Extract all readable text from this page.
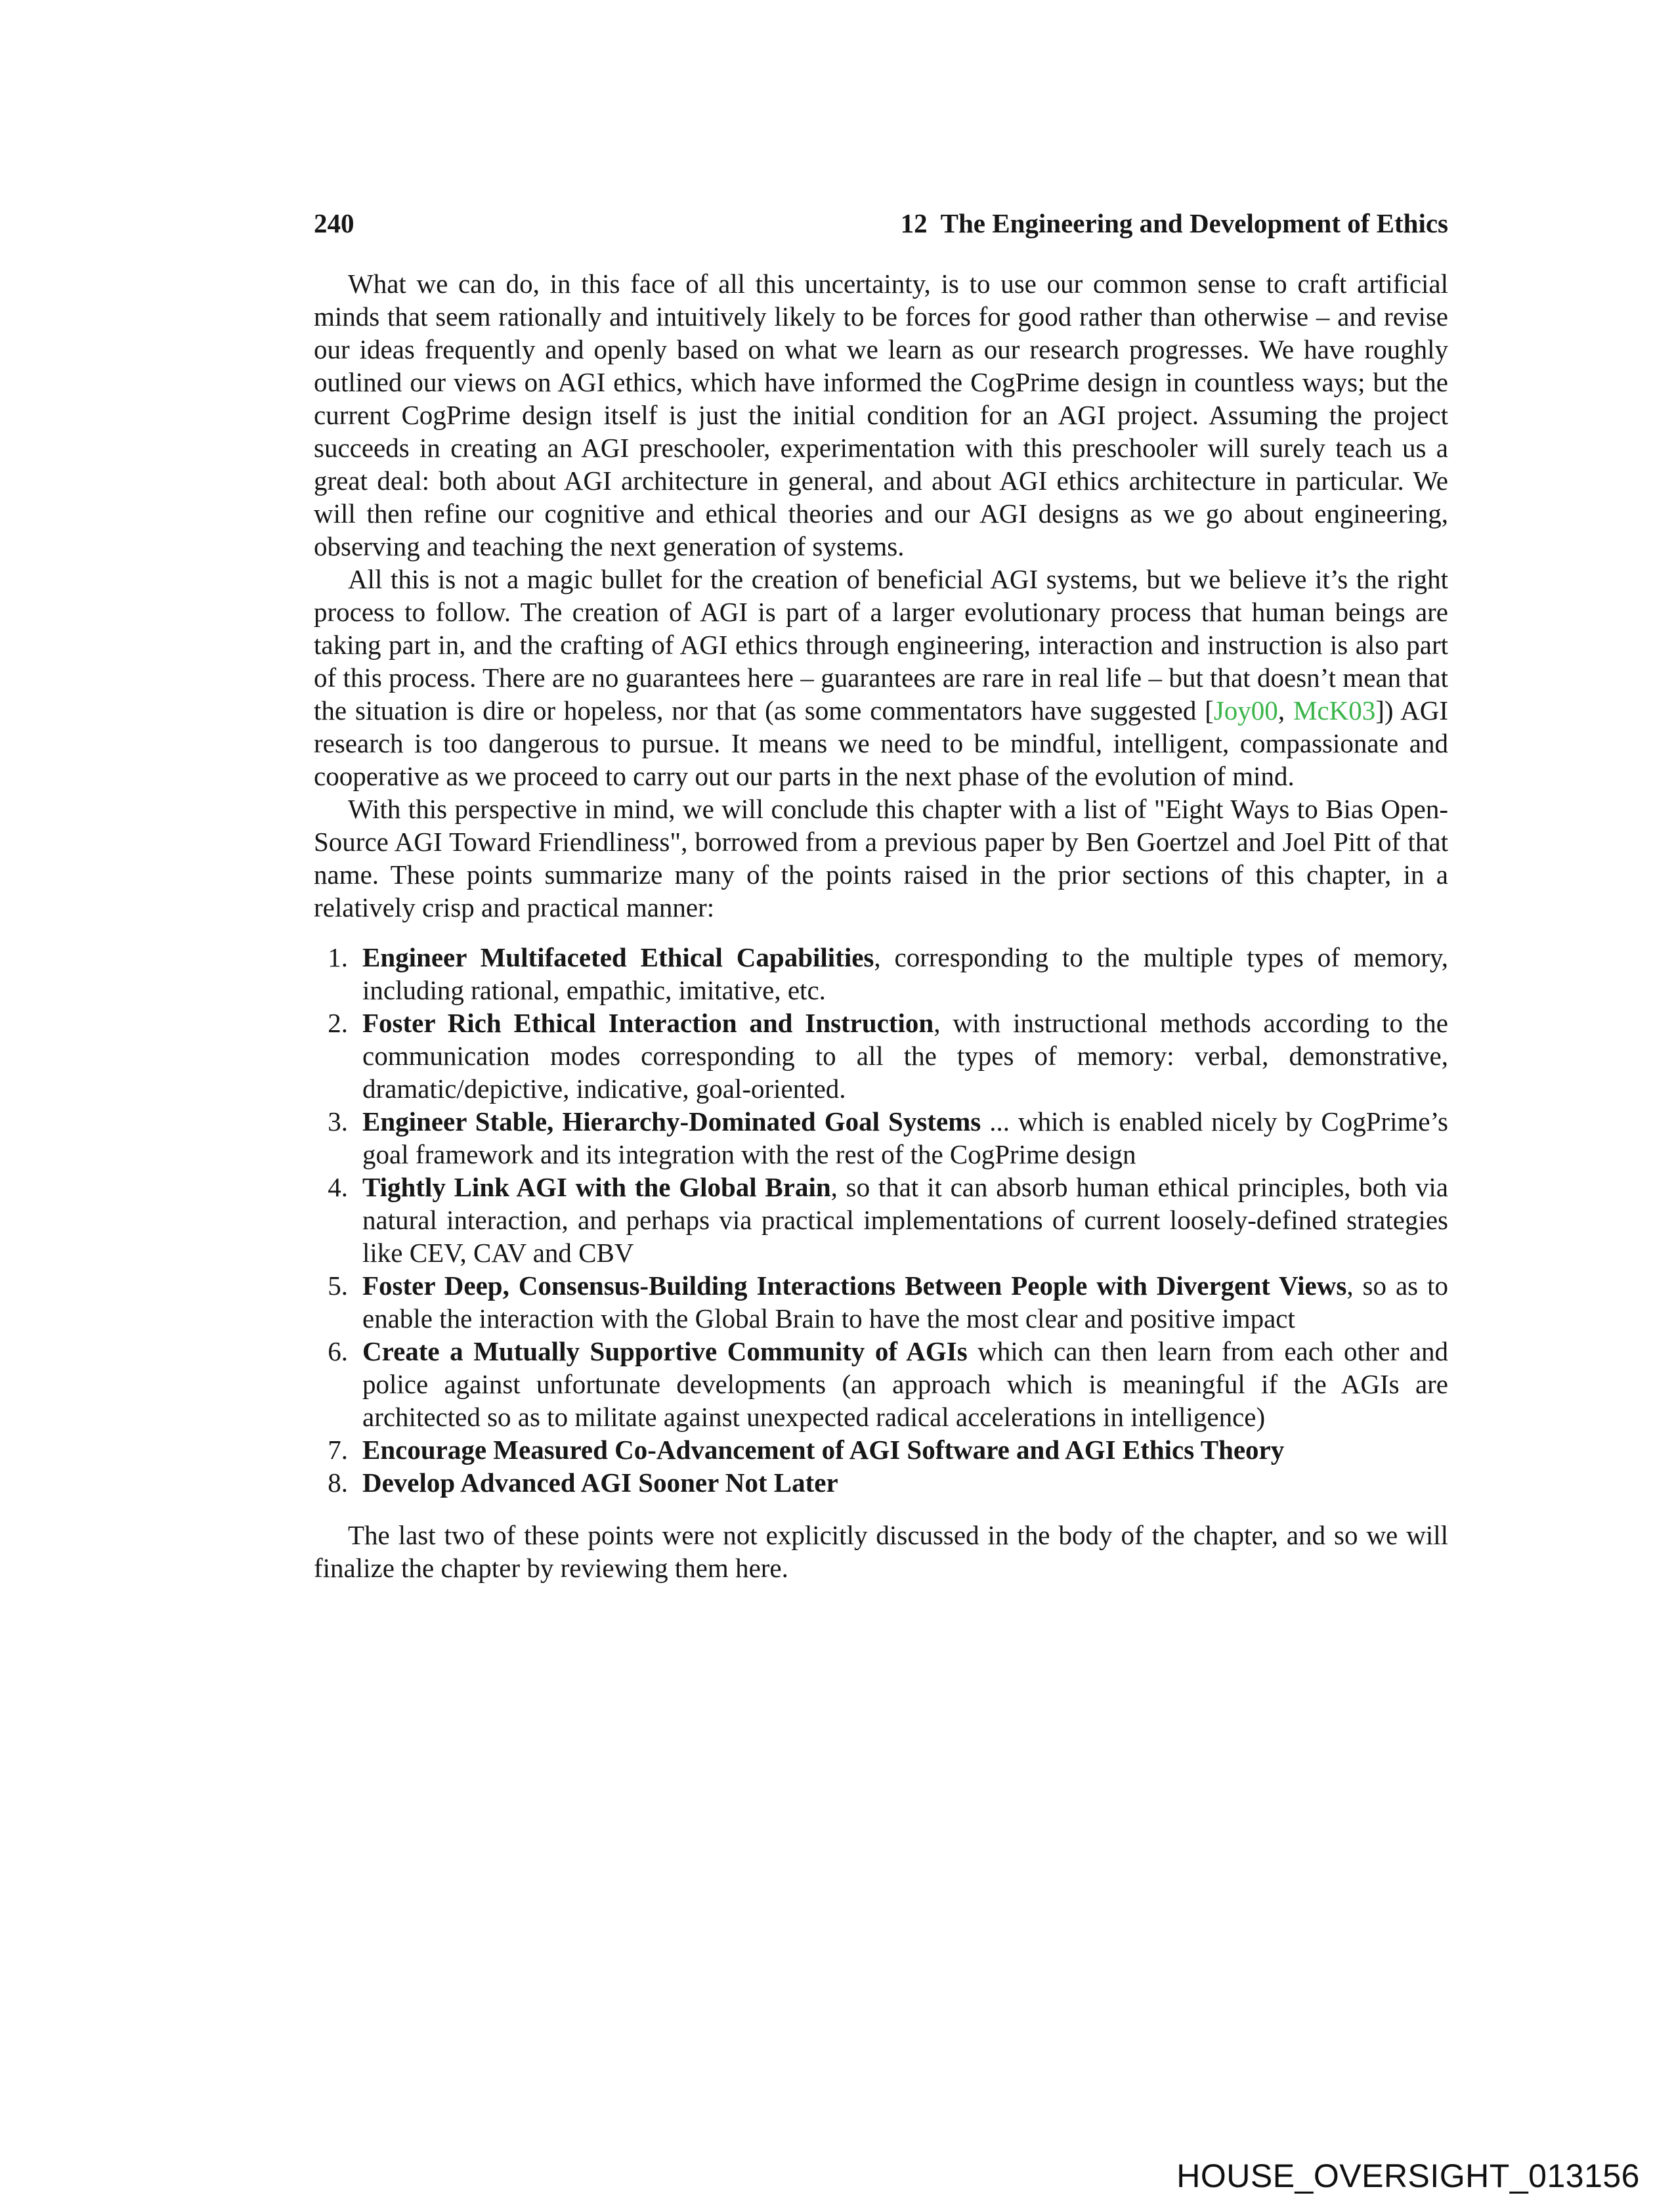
240	12 The Engineering and Development of Ethics

What we can do, in this face of all this uncertainty, is to use our common sense to craft artificial minds that seem rationally and intuitively likely to be forces for good rather than otherwise – and revise our ideas frequently and openly based on what we learn as our research progresses. We have roughly outlined our views on AGI ethics, which have informed the CogPrime design in countless ways; but the current CogPrime design itself is just the initial condition for an AGI project. Assuming the project succeeds in creating an AGI preschooler, experimentation with this preschooler will surely teach us a great deal: both about AGI architecture in general, and about AGI ethics architecture in particular. We will then refine our cognitive and ethical theories and our AGI designs as we go about engineering, observing and teaching the next generation of systems.

All this is not a magic bullet for the creation of beneficial AGI systems, but we believe it’s the right process to follow. The creation of AGI is part of a larger evolutionary process that human beings are taking part in, and the crafting of AGI ethics through engineering, interaction and instruction is also part of this process. There are no guarantees here – guarantees are rare in real life – but that doesn’t mean that the situation is dire or hopeless, nor that (as some commentators have suggested [Joy00, McK03]) AGI research is too dangerous to pursue. It means we need to be mindful, intelligent, compassionate and cooperative as we proceed to carry out our parts in the next phase of the evolution of mind.

With this perspective in mind, we will conclude this chapter with a list of "Eight Ways to Bias Open-Source AGI Toward Friendliness", borrowed from a previous paper by Ben Goertzel and Joel Pitt of that name. These points summarize many of the points raised in the prior sections of this chapter, in a relatively crisp and practical manner:

1. Engineer Multifaceted Ethical Capabilities, corresponding to the multiple types of memory, including rational, empathic, imitative, etc.
2. Foster Rich Ethical Interaction and Instruction, with instructional methods according to the communication modes corresponding to all the types of memory: verbal, demonstrative, dramatic/depictive, indicative, goal-oriented.
3. Engineer Stable, Hierarchy-Dominated Goal Systems ... which is enabled nicely by CogPrime’s goal framework and its integration with the rest of the CogPrime design
4. Tightly Link AGI with the Global Brain, so that it can absorb human ethical principles, both via natural interaction, and perhaps via practical implementations of current loosely-defined strategies like CEV, CAV and CBV
5. Foster Deep, Consensus-Building Interactions Between People with Divergent Views, so as to enable the interaction with the Global Brain to have the most clear and positive impact
6. Create a Mutually Supportive Community of AGIs which can then learn from each other and police against unfortunate developments (an approach which is meaningful if the AGIs are architected so as to militate against unexpected radical accelerations in intelligence)
7. Encourage Measured Co-Advancement of AGI Software and AGI Ethics Theory
8. Develop Advanced AGI Sooner Not Later

The last two of these points were not explicitly discussed in the body of the chapter, and so we will finalize the chapter by reviewing them here.

HOUSE_OVERSIGHT_013156
